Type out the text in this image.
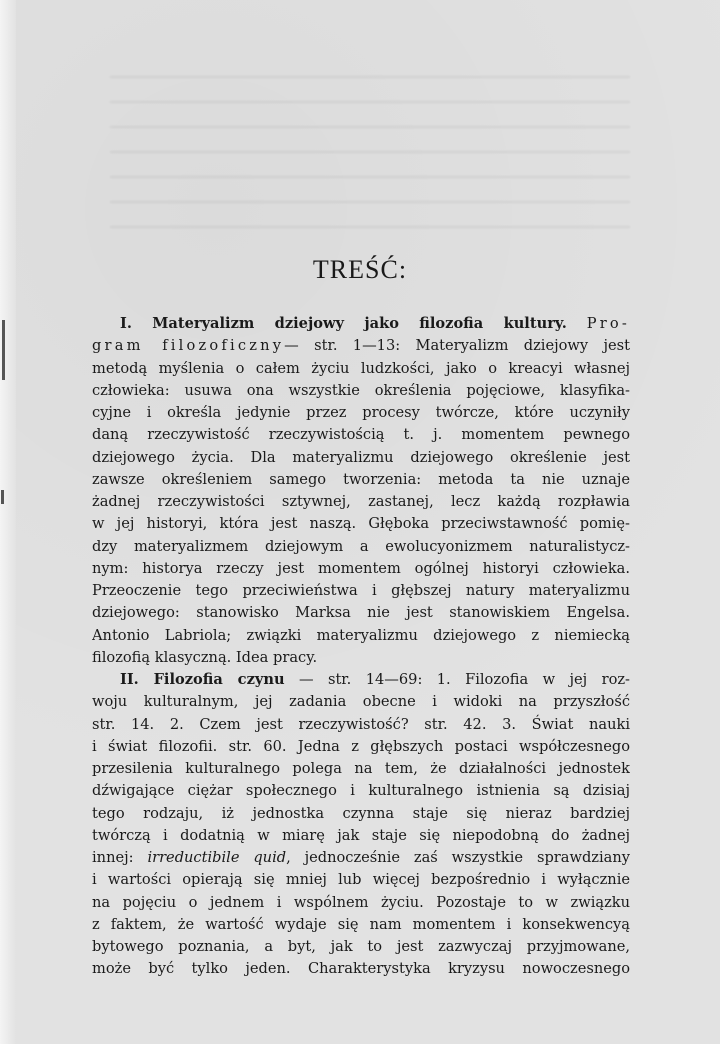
TREŚĆ:
I. Materyalizm dziejowy jako filozofia kultury. Pro-
gram filozoficzny— str. 1—13: Materyalizm dziejowy jest
metodą myślenia o całem życiu ludzkości, jako o kreacyi własnej
człowieka: usuwa ona wszystkie określenia pojęciowe, klasyfika-
cyjne i określa jedynie przez procesy twórcze, które uczyniły
daną rzeczywistość rzeczywistością t. j. momentem pewnego
dziejowego życia. Dla materyalizmu dziejowego określenie jest
zawsze określeniem samego tworzenia: metoda ta nie uznaje
żadnej rzeczywistości sztywnej, zastanej, lecz każdą rozpławia
w jej historyi, która jest naszą. Głęboka przeciwstawność pomię-
dzy materyalizmem dziejowym a ewolucyonizmem naturalistycz-
nym: historya rzeczy jest momentem ogólnej historyi człowieka.
Przeoczenie tego przeciwieństwa i głębszej natury materyalizmu
dziejowego: stanowisko Marksa nie jest stanowiskiem Engelsa.
Antonio Labriola; związki materyalizmu dziejowego z niemiecką
filozofią klasyczną. Idea pracy.
II. Filozofia czynu — str. 14—69: 1. Filozofia w jej roz-
woju kulturalnym, jej zadania obecne i widoki na przyszłość
str. 14. 2. Czem jest rzeczywistość? str. 42. 3. Świat nauki
i świat filozofii. str. 60. Jedna z głębszych postaci współczesnego
przesilenia kulturalnego polega na tem, że działalności jednostek
dźwigające ciężar społecznego i kulturalnego istnienia są dzisiaj
tego rodzaju, iż jednostka czynna staje się nieraz bardziej
twórczą i dodatnią w miarę jak staje się niepodobną do żadnej
innej: irreductibile quid, jednocześnie zaś wszystkie sprawdziany
i wartości opierają się mniej lub więcej bezpośrednio i wyłącznie
na pojęciu o jednem i wspólnem życiu. Pozostaje to w związku
z faktem, że wartość wydaje się nam momentem i konsekwencyą
bytowego poznania, a byt, jak to jest zazwyczaj przyjmowane,
może być tylko jeden. Charakterystyka kryzysu nowoczesnego
